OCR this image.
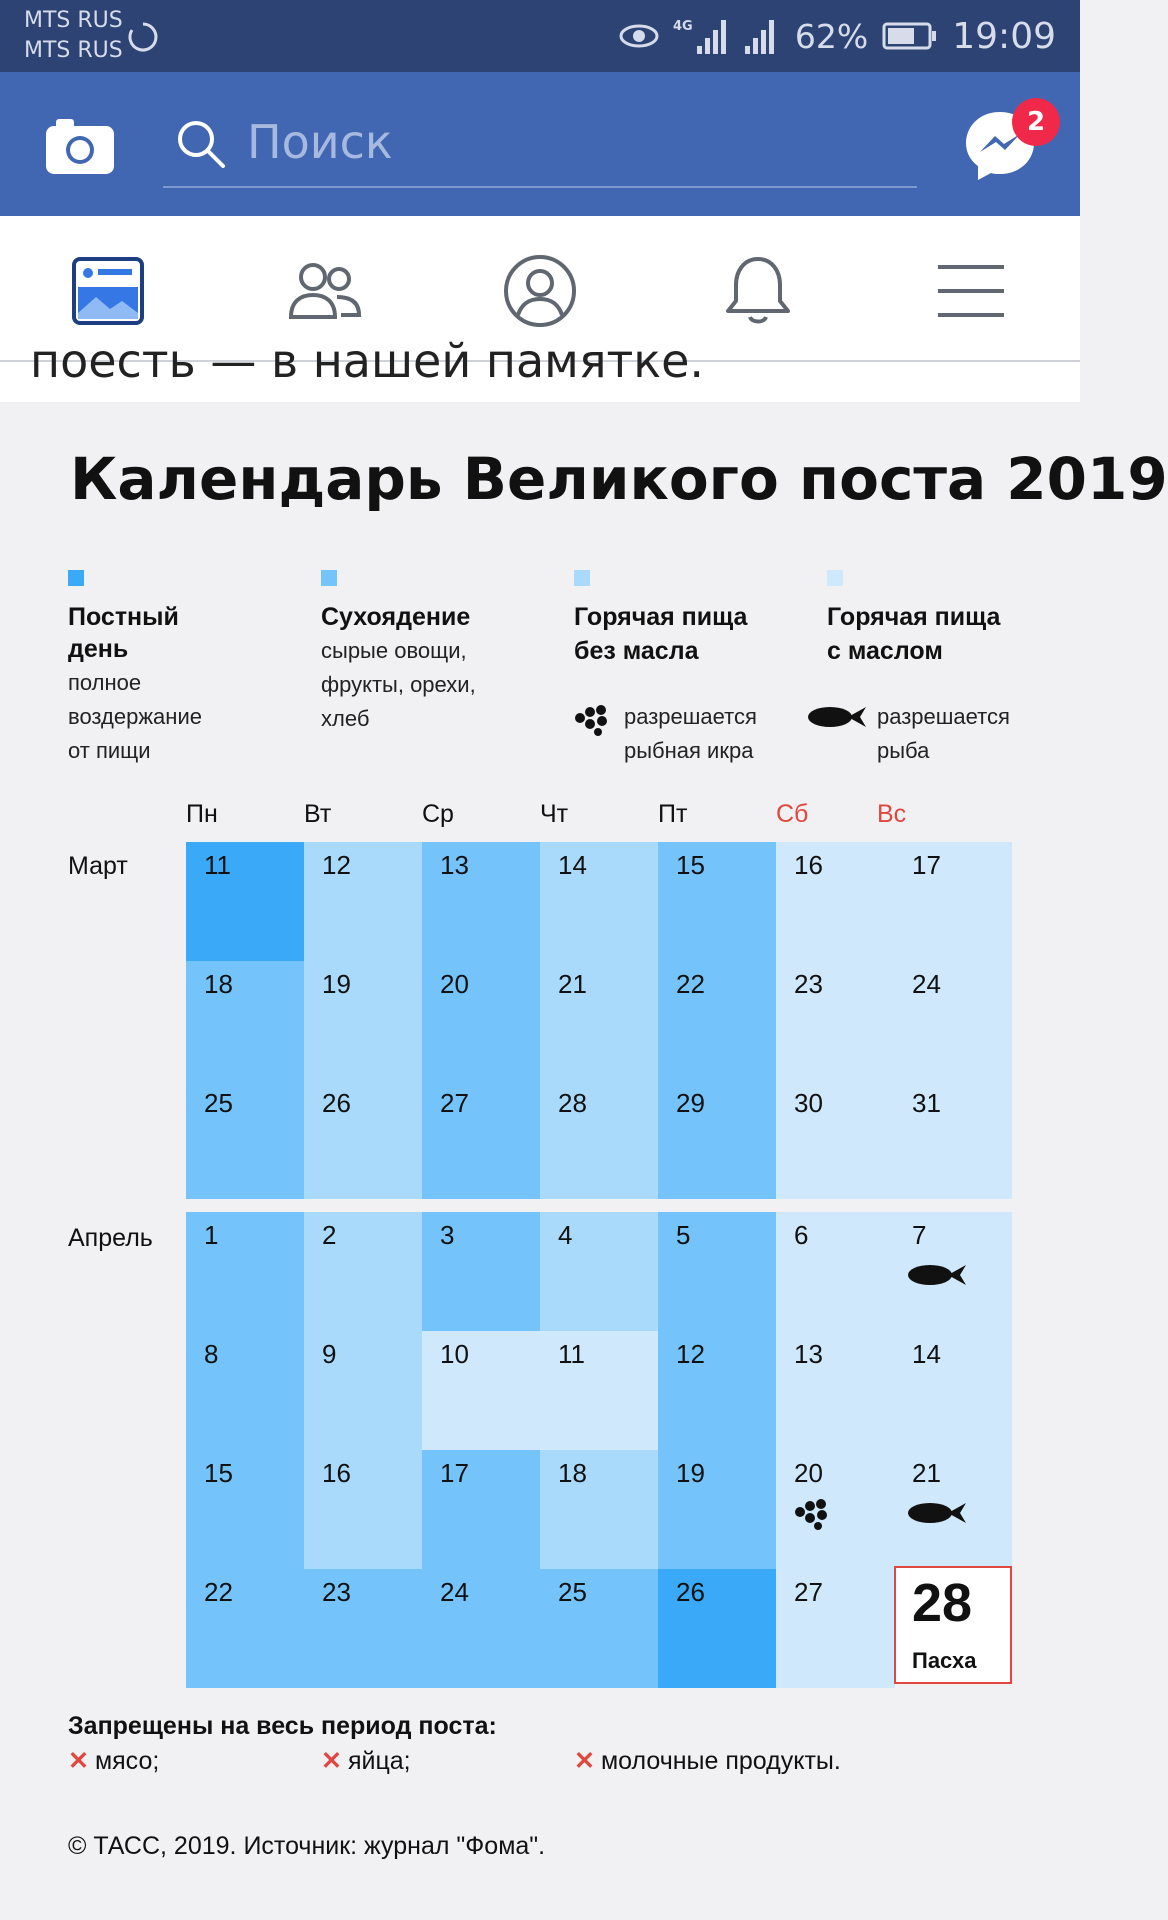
MTS RUS
MTS RUS
4G	62% 19:09
Поиск
2
поесть — в нашей памятке.
Календарь Великого поста 2019
Постный
день
полное
воздержание
от пищи
Сухоядение
сырые овощи,
фрукты, орехи,
хлеб
Горячая пища
без масла
Горячая пища
с маслом
разрешается
рыбная икра
разрешается
рыба
Пн	Вт	Ср	Чт	Пт	Сб	Вс
Март
Апрель
11	12	13	14	15	16	17
18	19	20	21	22	23	24
25	26	27	28	29	30	31
1	2	3	4	5	6	7
8	9	10	11	12	13	14
15	16	17	18	19	20	21
22	23	24	25	26	27 28
Пасха
Запрещены на весь период поста:
✕ мясо;	✕ яйца;	✕ молочные продукты.
© ТАСС, 2019. Источник: журнал "Фома".
